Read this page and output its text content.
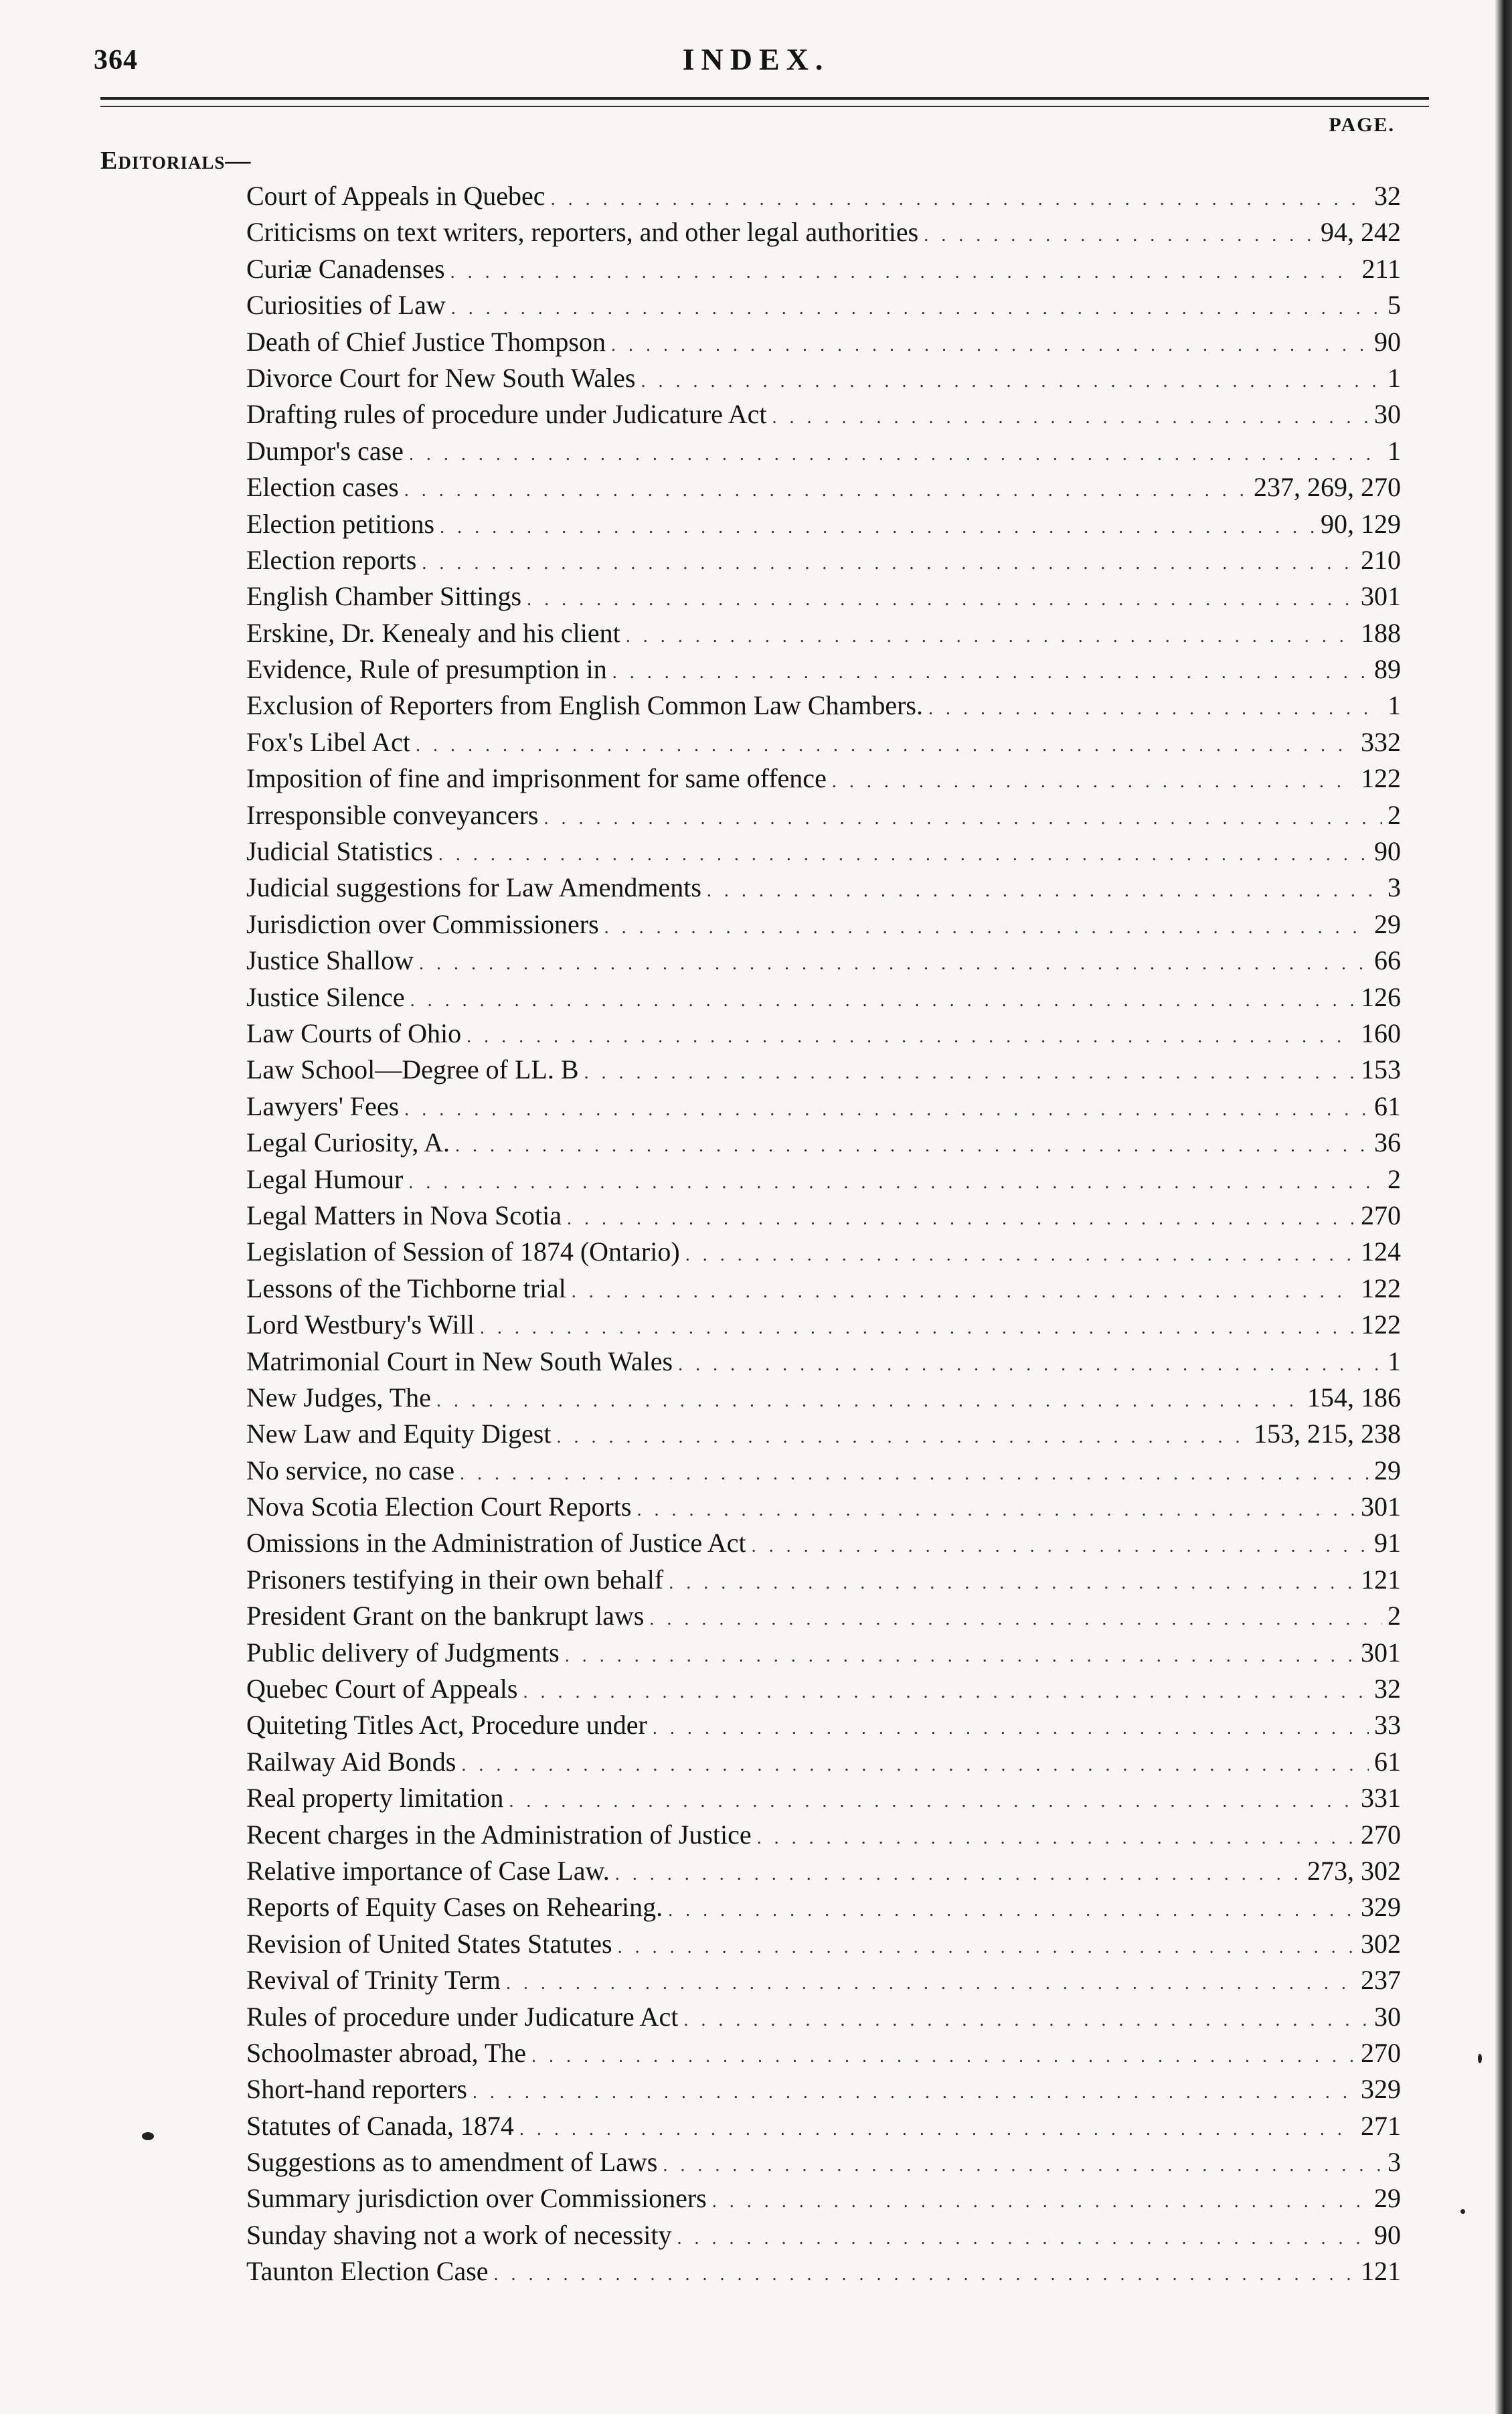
364	INDEX.
PAGE.
Editorials—
Court of Appeals in Quebec . . .	32
Criticisms on text writers, reporters, and other legal authorities . . .	94, 242
Curiæ Canadenses . . .	211
Curiosities of Law . . .	5
Death of Chief Justice Thompson . . .	90
Divorce Court for New South Wales . . .	1
Drafting rules of procedure under Judicature Act . . .	30
Dumpor's case . . .	1
Election cases . . .	237, 269, 270
Election petitions . . .	90, 129
Election reports . . .	210
English Chamber Sittings . . .	301
Erskine, Dr. Kenealy and his client . . .	188
Evidence, Rule of presumption in . . .	89
Exclusion of Reporters from English Common Law Chambers. . . .	1
Fox's Libel Act . . .	332
Imposition of fine and imprisonment for same offence . . .	122
Irresponsible conveyancers . . .	2
Judicial Statistics . . .	90
Judicial suggestions for Law Amendments . . .	3
Jurisdiction over Commissioners . . .	29
Justice Shallow . . .	66
Justice Silence . . .	126
Law Courts of Ohio . . .	160
Law School—Degree of LL. B . . .	153
Lawyers' Fees . . .	61
Legal Curiosity, A. . . .	36
Legal Humour . . .	2
Legal Matters in Nova Scotia . . .	270
Legislation of Session of 1874 (Ontario) . . .	124
Lessons of the Tichborne trial . . .	122
Lord Westbury's Will . . .	122
Matrimonial Court in New South Wales . . .	1
New Judges, The . . .	154, 186
New Law and Equity Digest . . .	153, 215, 238
No service, no case . . .	29
Nova Scotia Election Court Reports . . .	301
Omissions in the Administration of Justice Act . . .	91
Prisoners testifying in their own behalf . . .	121
President Grant on the bankrupt laws . . .	2
Public delivery of Judgments . . .	301
Quebec Court of Appeals . . .	32
Quiteting Titles Act, Procedure under . . .	33
Railway Aid Bonds . . .	61
Real property limitation . . .	331
Recent charges in the Administration of Justice . . .	270
Relative importance of Case Law. . . .	273, 302
Reports of Equity Cases on Rehearing. . . .	329
Revision of United States Statutes . . .	302
Revival of Trinity Term . . .	237
Rules of procedure under Judicature Act . . .	30
Schoolmaster abroad, The . . .	270
Short-hand reporters . . .	329
Statutes of Canada, 1874 . . .	271
Suggestions as to amendment of Laws . . .	3
Summary jurisdiction over Commissioners . . .	29
Sunday shaving not a work of necessity . . .	90
Taunton Election Case . . .	121
